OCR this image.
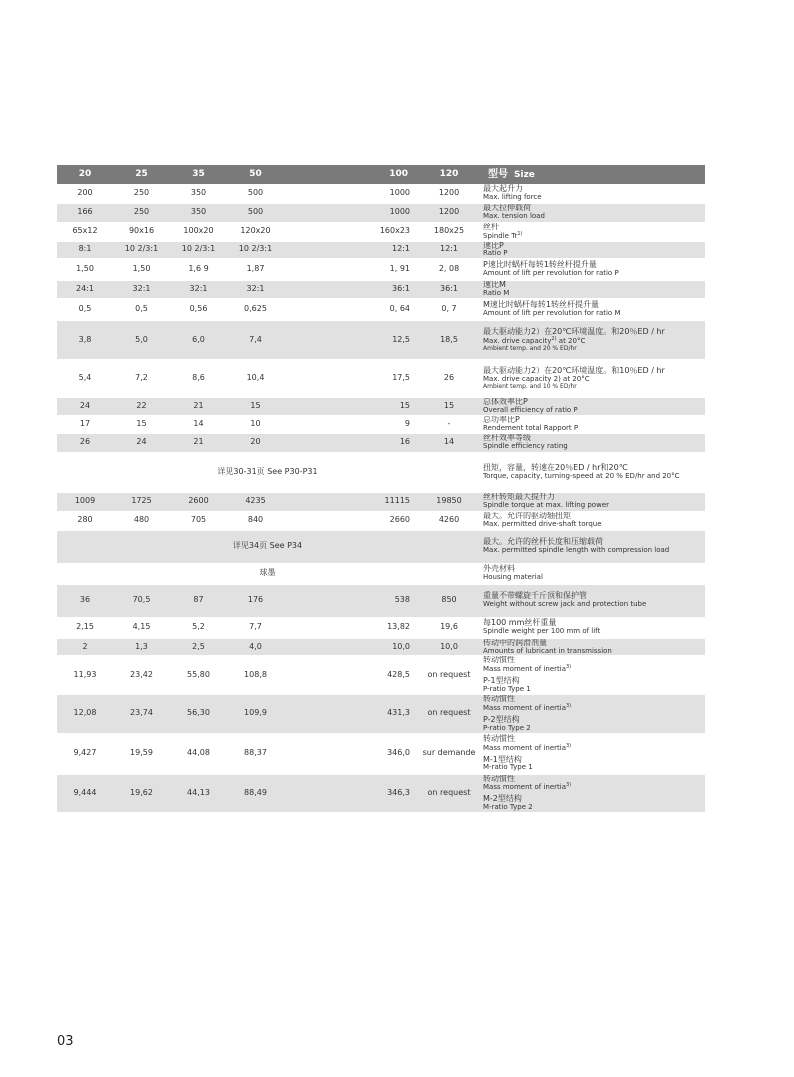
20	25	35	50	100	120	型号 Size
200	250	350	500	1000	1200	最大起升力
Max. lifting force

166	250	350	500	1000	1200	最大拉伸载荷
Max. tension load

65x12	90x16	100x20	120x20	160x23	180x25	丝杆
Spindle Tr$^{1)}$

8:1	10 2/3:1	10 2/3:1	10 2/3:1	12:1	12:1	速比P
Ratio P

1,50	1,50	1,6 9	1,87	1, 91	2, 08	P速比时蜗杆每转1转丝杆提升量
Amount of lift per revolution for ratio P

24:1	32:1	32:1	32:1	36:1	36:1	速比M
Ratio M

0,5	0,5	0,56	0,625	0, 64	0, 7	M速比时蜗杆每转1转丝杆提升量
Amount of lift per revolution for ratio M

3,8	5,0	6,0	7,4	12,5	18,5	最大驱动能力2）在20℃环境温度。和20％ED / hr
Max. drive capacity$^{2)}$ at 20°C
Ambient temp. and 20 % ED/hr

5,4	7,2	8,6	10,4	17,5	26	最大驱动能力2）在20℃环境温度。和10％ED / hr
Max. drive capacity 2) at 20°C
Ambient temp. and 10 % ED/hr

24	22	21	15	15	15	总体效率比P
Overall efficiency of ratio P

17	15	14	10	9	-	总功率比P
Rendement total Rapport P

26	24	21	20	16	14	丝杆效率等级
Spindle efficiency rating

详见30-31页 See P30-P31						扭矩，容量，转速在20％ED / hr和20℃
Torque, capacity, turning-speed at 20 % ED/hr and 20°C

1009	1725	2600	4235	11115	19850	丝杆转矩最大提升力
Spindle torque at max. lifting power

280	480	705	840	2660	4260	最大。允许的驱动轴扭矩
Max. permitted drive-shaft torque

详见34页 See P34						最大。允许的丝杆长度和压缩载荷
Max. permitted spindle length with compression load

球墨						外壳材料
Housing material

36	70,5	87	176	538	850	重量不带螺旋千斤顶和保护管
Weight without screw jack and protection tube

2,15	4,15	5,2	7,7	13,82	19,6	每100 mm丝杆重量
Spindle weight per 100 mm of lift

2	1,3	2,5	4,0	10,0	10,0	传动中的润滑剂量
Amounts of lubricant in transmission

11,93	23,42	55,80	108,8	428,5	on request	转动惯性
Mass moment of inertia$^{3)}$
P-1型结构
P-ratio Type 1

12,08	23,74	56,30	109,9	431,3	on request	转动惯性
Mass moment of inertia$^{3)}$
P-2型结构
P-ratio Type 2

9,427	19,59	44,08	88,37	346,0	sur demande	转动惯性
Mass moment of inertia$^{3)}$
M-1型结构
M-ratio Type 1

9,444	19,62	44,13	88,49	346,3	on request	转动惯性
Mass moment of inertia$^{3)}$
M-2型结构
M-ratio Type 2
03
